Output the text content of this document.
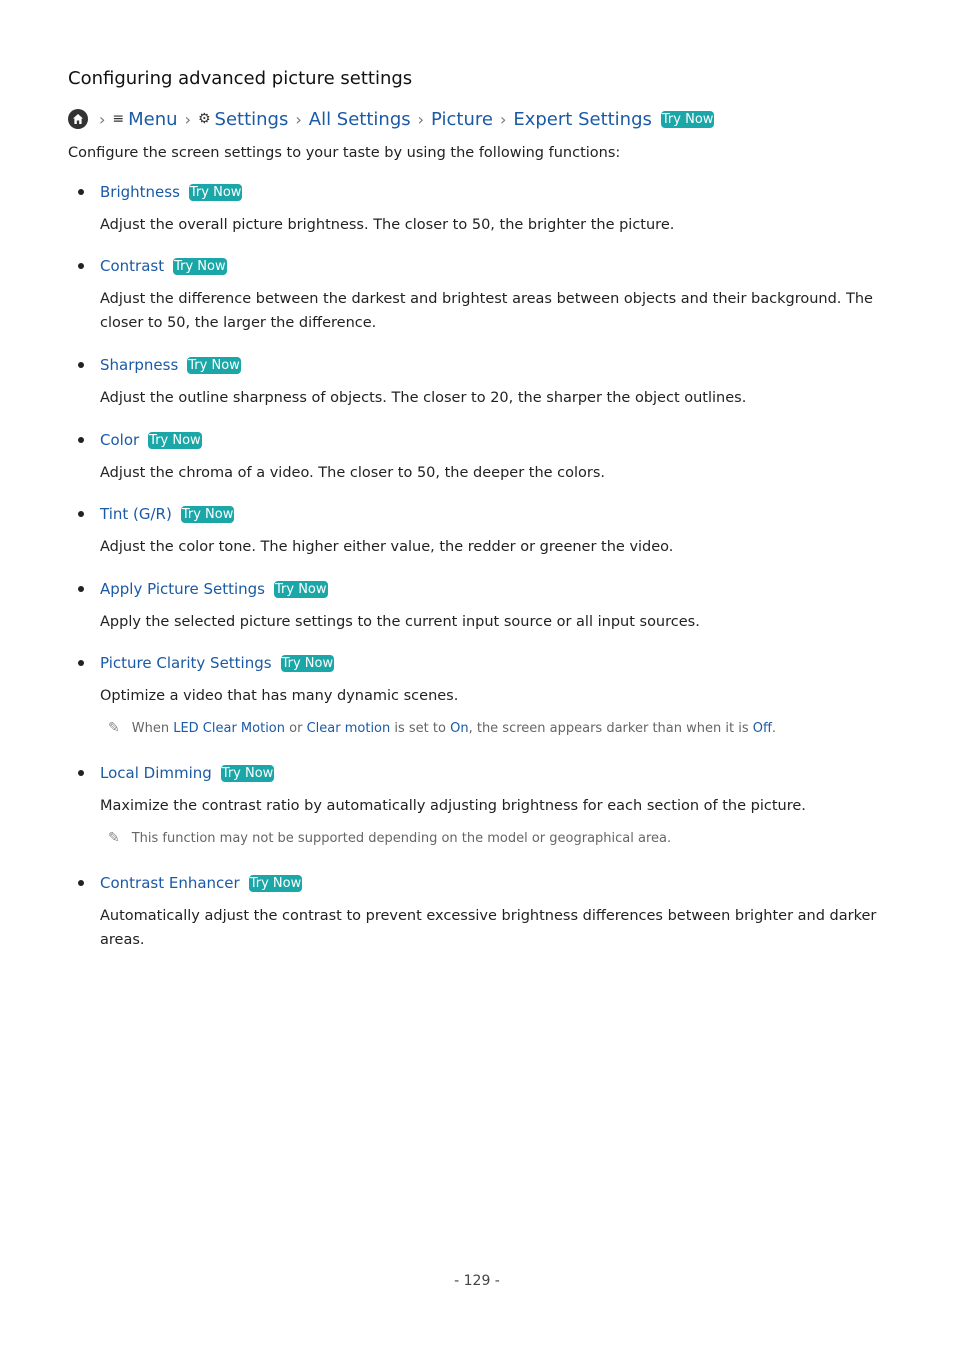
Configuring advanced picture settings
› ≡ Menu › ⚙ Settings › All Settings › Picture › Expert Settings Try Now
Configure the screen settings to your taste by using the following functions:
Brightness Try Now
Adjust the overall picture brightness. The closer to 50, the brighter the picture.
Contrast Try Now
Adjust the difference between the darkest and brightest areas between objects and their background. The closer to 50, the larger the difference.
Sharpness Try Now
Adjust the outline sharpness of objects. The closer to 20, the sharper the object outlines.
Color Try Now
Adjust the chroma of a video. The closer to 50, the deeper the colors.
Tint (G/R) Try Now
Adjust the color tone. The higher either value, the redder or greener the video.
Apply Picture Settings Try Now
Apply the selected picture settings to the current input source or all input sources.
Picture Clarity Settings Try Now
Optimize a video that has many dynamic scenes.
✎ When LED Clear Motion or Clear motion is set to On, the screen appears darker than when it is Off.
Local Dimming Try Now
Maximize the contrast ratio by automatically adjusting brightness for each section of the picture.
✎ This function may not be supported depending on the model or geographical area.
Contrast Enhancer Try Now
Automatically adjust the contrast to prevent excessive brightness differences between brighter and darker areas.
- 129 -
